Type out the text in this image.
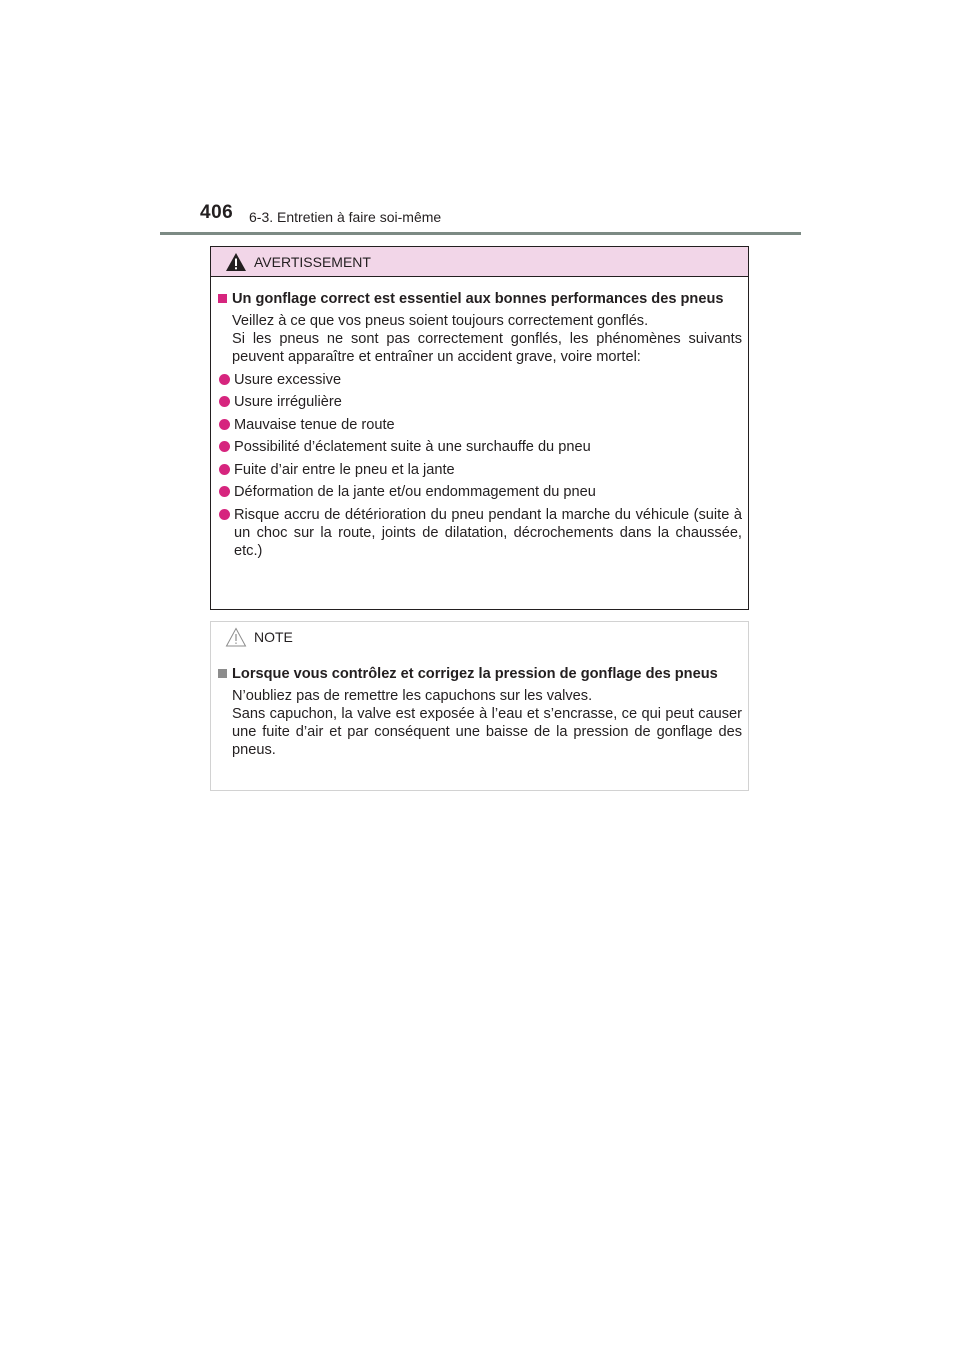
406 6-3. Entretien à faire soi-même
AVERTISSEMENT
Un gonflage correct est essentiel aux bonnes performances des pneus
Veillez à ce que vos pneus soient toujours correctement gonflés.
Si les pneus ne sont pas correctement gonflés, les phénomènes suivants peuvent apparaître et entraîner un accident grave, voire mortel:
Usure excessive
Usure irrégulière
Mauvaise tenue de route
Possibilité d’éclatement suite à une surchauffe du pneu
Fuite d’air entre le pneu et la jante
Déformation de la jante et/ou endommagement du pneu
Risque accru de détérioration du pneu pendant la marche du véhicule (suite à un choc sur la route, joints de dilatation, décrochements dans la chaussée, etc.)
NOTE
Lorsque vous contrôlez et corrigez la pression de gonflage des pneus
N’oubliez pas de remettre les capuchons sur les valves.
Sans capuchon, la valve est exposée à l’eau et s’encrasse, ce qui peut causer une fuite d’air et par conséquent une baisse de la pression de gonflage des pneus.
